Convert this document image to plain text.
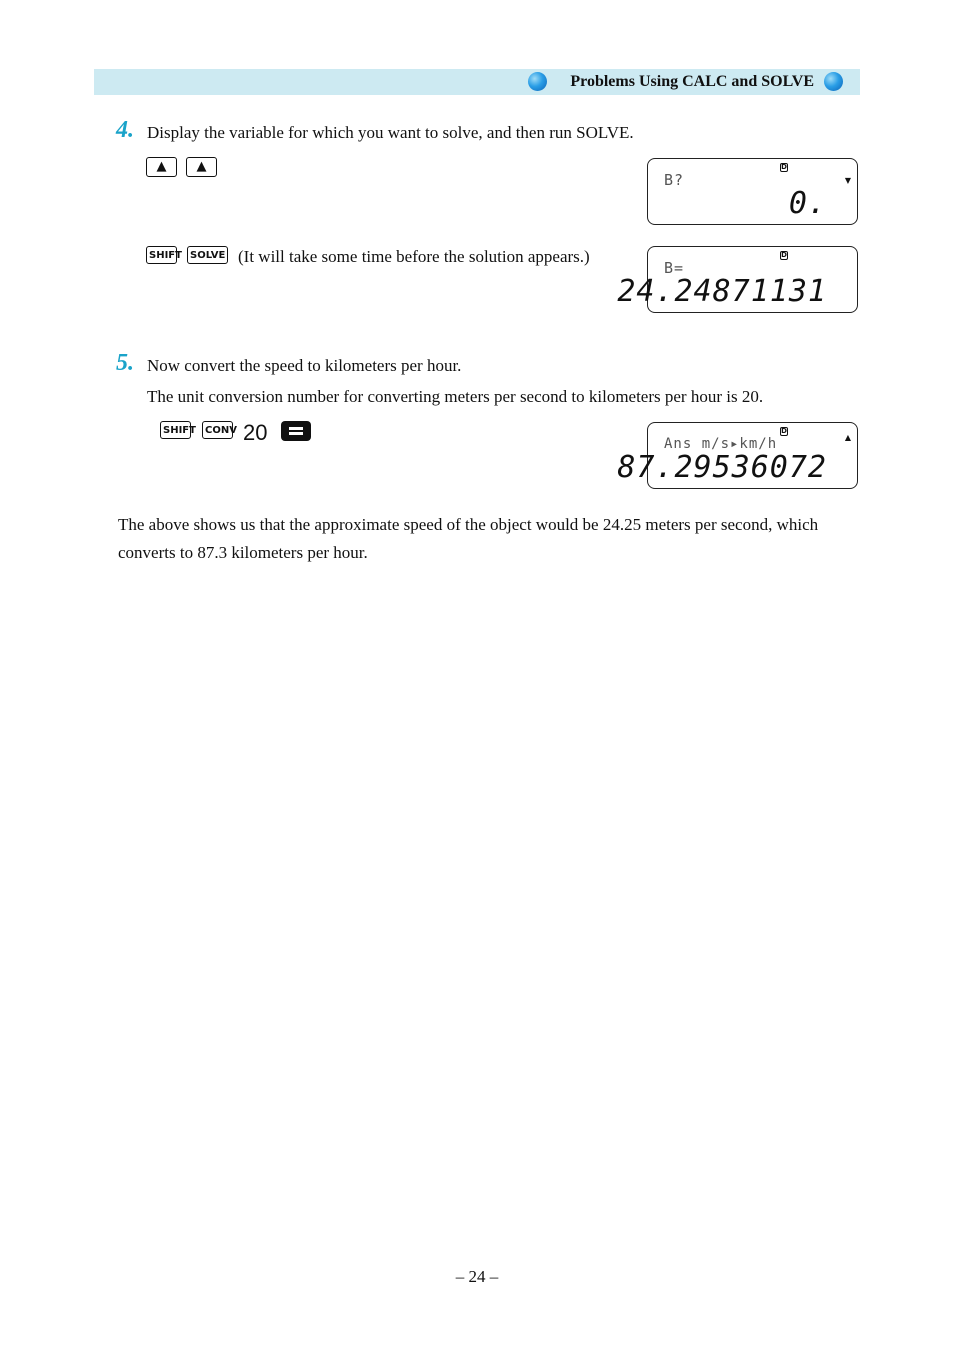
Problems Using CALC and SOLVE
4. Display the variable for which you want to solve, and then run SOLVE.
▲	▲	D
▼
B?
0.
SHIFT SOLVE (It will take some time before the solution appears.)	D
B=
24.24871131
5. Now convert the speed to kilometers per hour.
The unit conversion number for converting meters per second to kilometers per hour is 20.
SHIFT CONV 20	D
▲
Ans m/s▸km/h
87.29536072
The above shows us that the approximate speed of the object would be 24.25 meters per second, which converts to 87.3 kilometers per hour.
– 24 –
